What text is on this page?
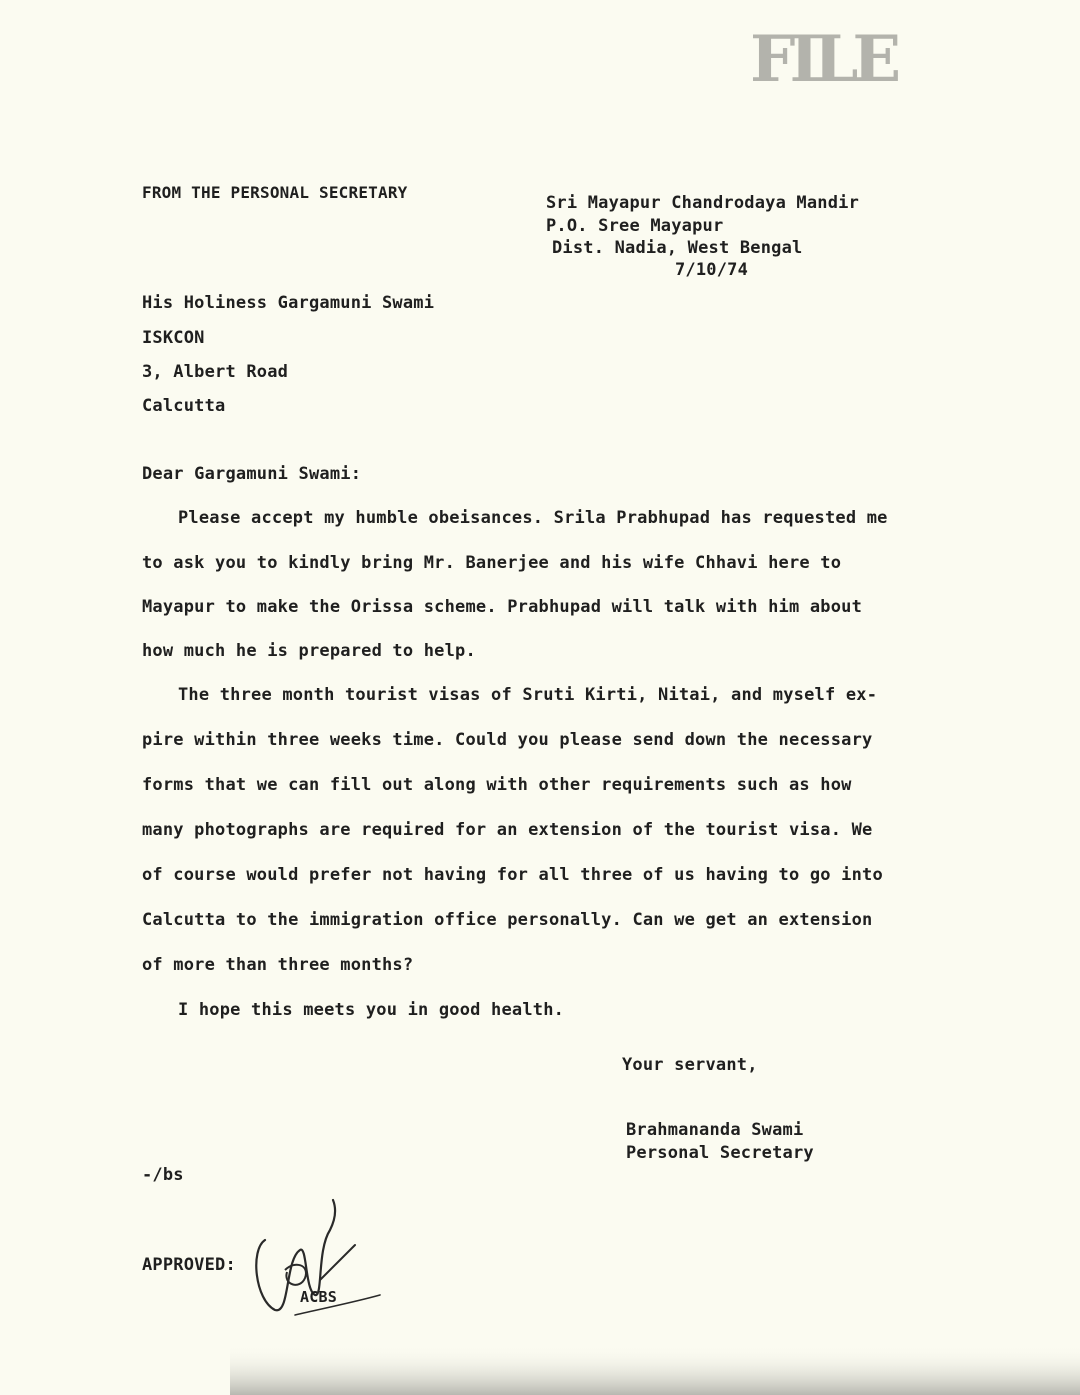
FILE
FROM THE PERSONAL SECRETARY
Sri Mayapur Chandrodaya Mandir
P.O. Sree Mayapur
Dist. Nadia, West Bengal
7/10/74
His Holiness Gargamuni Swami
ISKCON
3, Albert Road
Calcutta
Dear Gargamuni Swami:
Please accept my humble obeisances. Srila Prabhupad has requested me
to ask you to kindly bring Mr. Banerjee and his wife Chhavi here to
Mayapur to make the Orissa scheme. Prabhupad will talk with him about
how much he is prepared to help.
The three month tourist visas of Sruti Kirti, Nitai, and myself ex-
pire within three weeks time. Could you please send down the necessary
forms that we can fill out along with other requirements such as how
many photographs are required for an extension of the tourist visa. We
of course would prefer not having for all three of us having to go into
Calcutta to the immigration office personally. Can we get an extension
of more than three months?
I hope this meets you in good health.
Your servant,
Brahmananda Swami
Personal Secretary
-/bs
APPROVED:
ACBS
